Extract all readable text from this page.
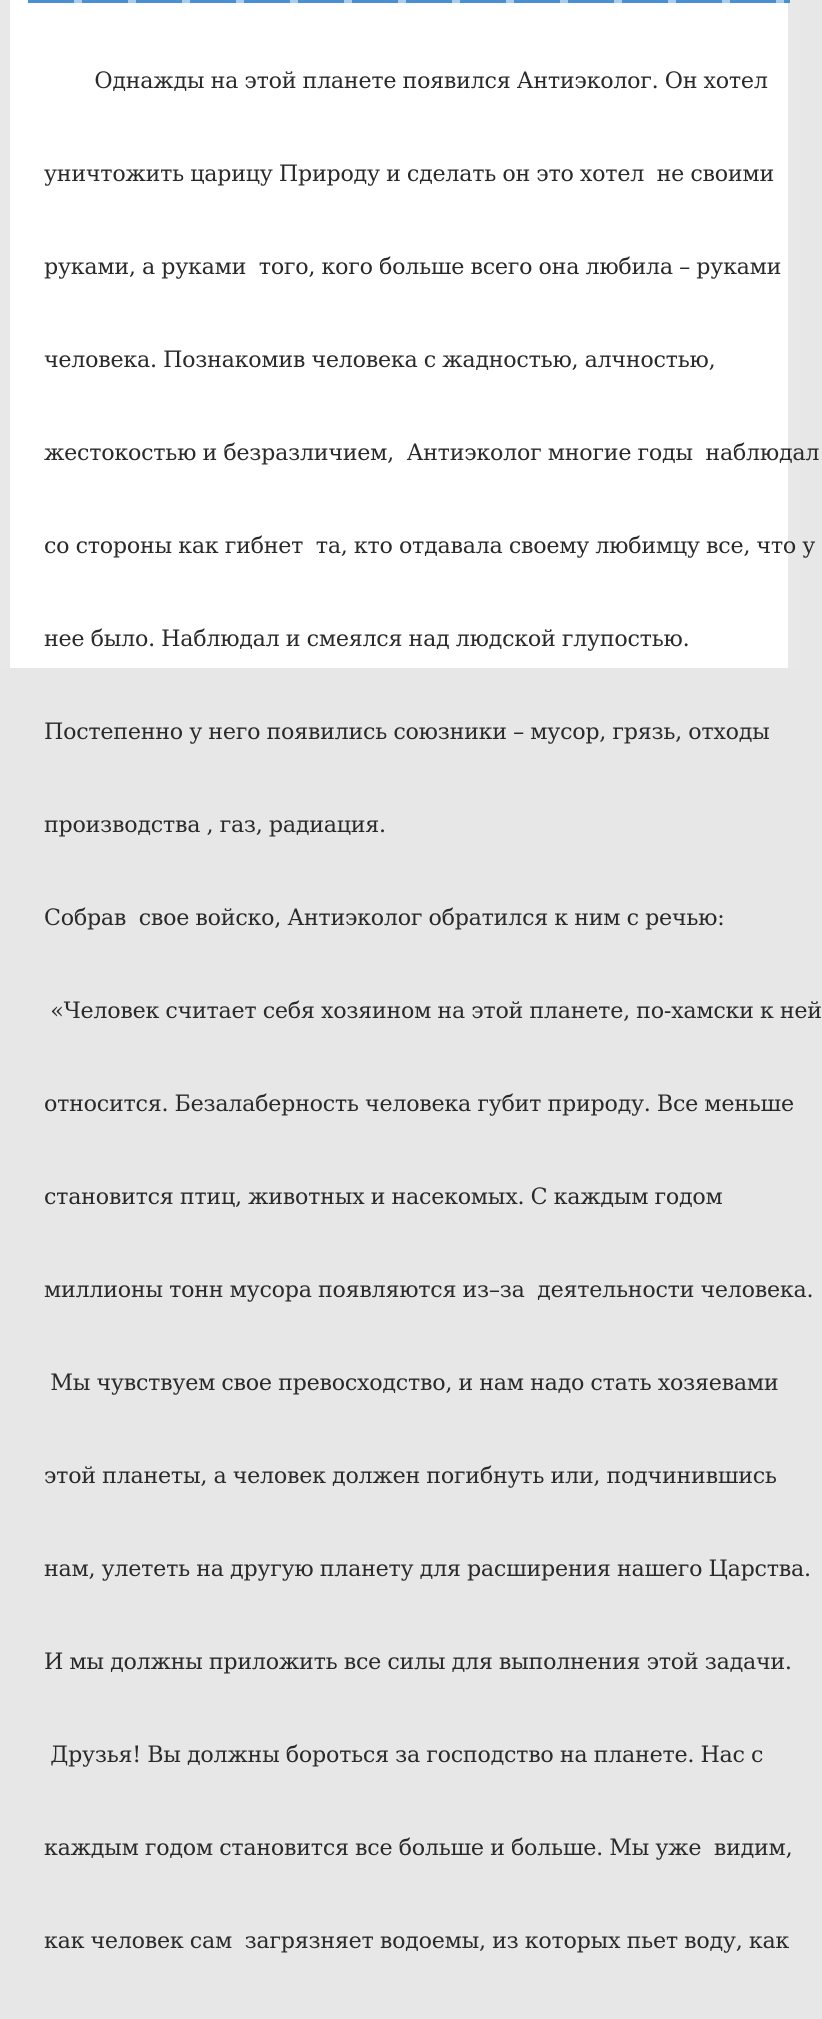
Однажды на этой планете появился Антиэколог. Он хотел

уничтожить царицу Природу и сделать он это хотел  не своими

руками, а руками  того, кого больше всего она любила – руками

человека. Познакомив человека с жадностью, алчностью,

жестокостью и безразличием,  Антиэколог многие годы  наблюдал

со стороны как гибнет  та, кто отдавала своему любимцу все, что у

нее было. Наблюдал и смеялся над людской глупостью.

Постепенно у него появились союзники – мусор, грязь, отходы

производства , газ, радиация.

Собрав  свое войско, Антиэколог обратился к ним с речью:

«Человек считает себя хозяином на этой планете, по-хамски к ней

относится. Безалаберность человека губит природу. Все меньше

становится птиц, животных и насекомых. С каждым годом

миллионы тонн мусора появляются из–за  деятельности человека.

Мы чувствуем свое превосходство, и нам надо стать хозяевами

этой планеты, а человек должен погибнуть или, подчинившись

нам, улететь на другую планету для расширения нашего Царства.

И мы должны приложить все силы для выполнения этой задачи.

Друзья! Вы должны бороться за господство на планете. Нас с

каждым годом становится все больше и больше. Мы уже  видим,

как человек сам  загрязняет водоемы, из которых пьет воду, как
